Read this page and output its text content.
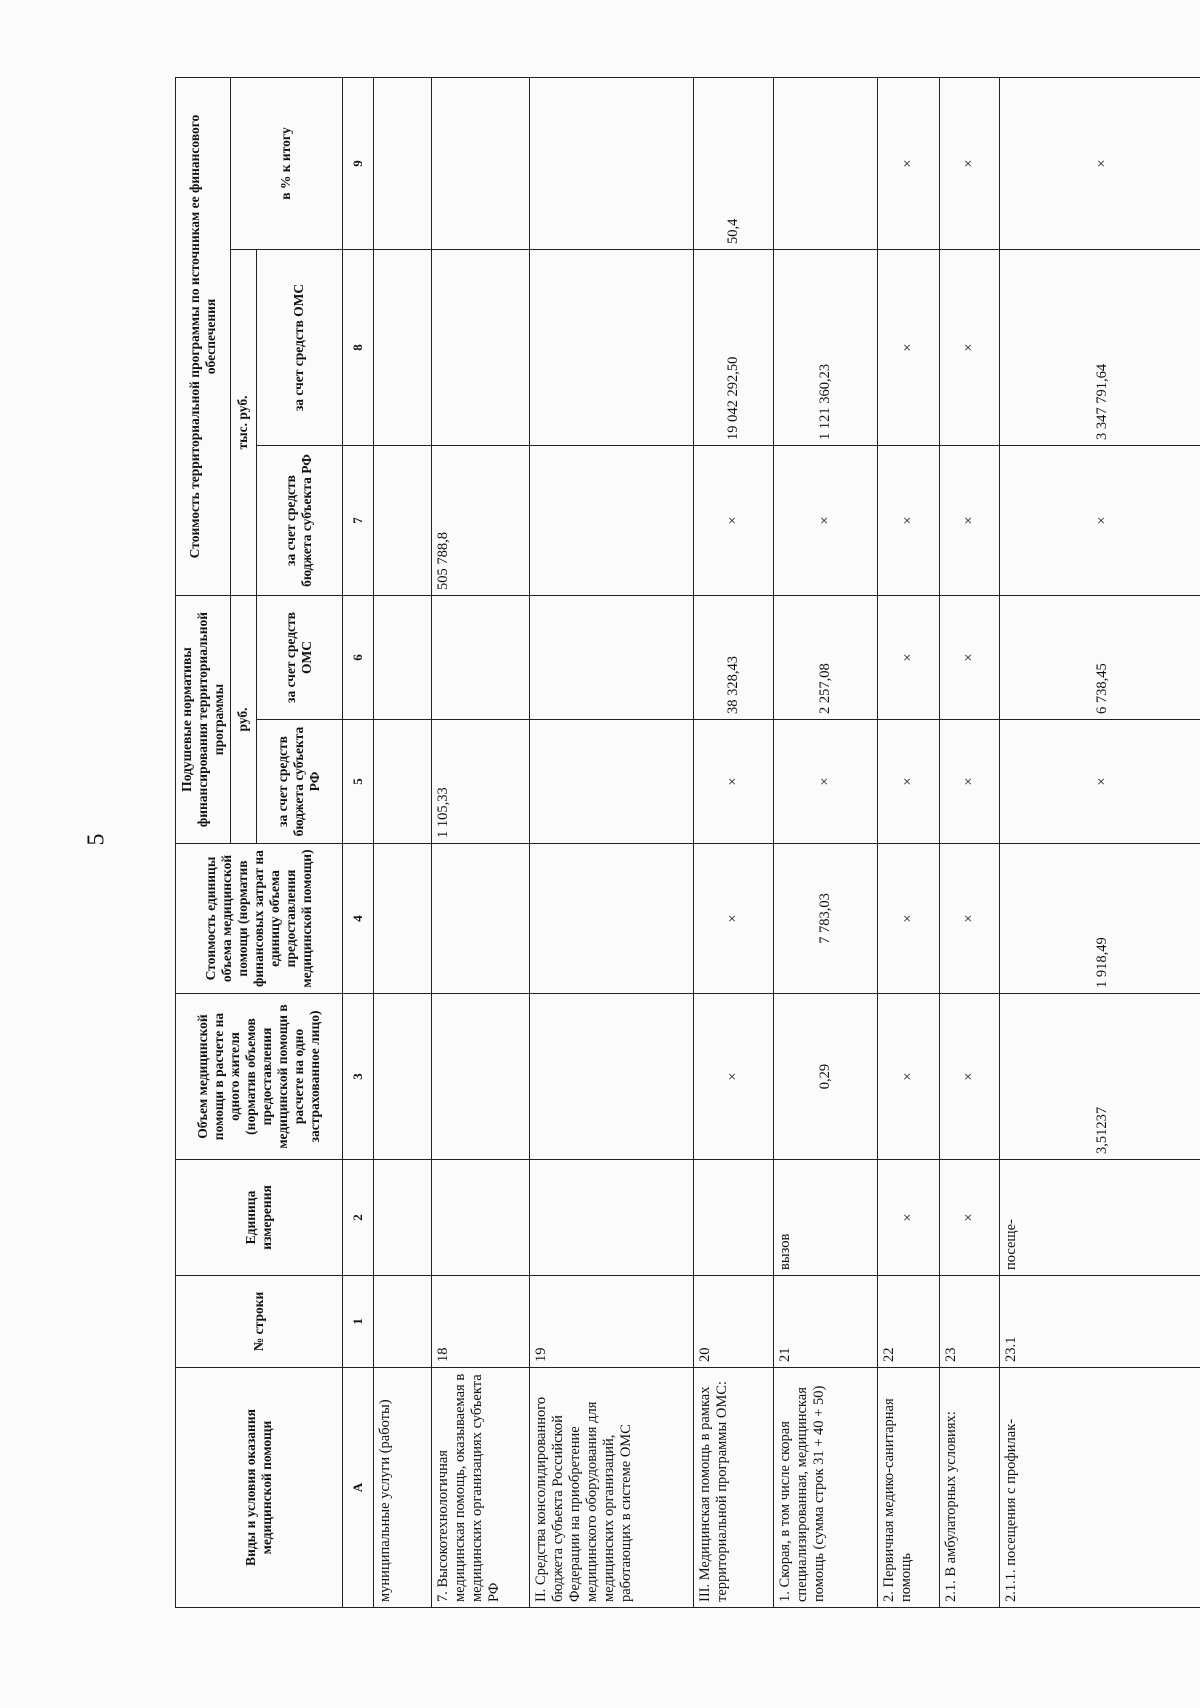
5
Виды и условия оказания медицинской помощи	№ строки	Единица измерения	Объем медицинской помощи в расчете на одного жителя (норматив объемов предоставления медицинской помощи в расчете на одно застрахованное лицо)	Стоимость единицы объема медицинской помощи (норматив финансовых затрат на единицу объема предоставления медицинской помощи)	Подушевые нормативы финансирования территориальной программы		Стоимость территориальной программы по источникам ее финансового обеспечения		
					руб.		тыс. руб.		в % к итогу
					за счет средств бюджета субъекта РФ	за счет средств ОМС	за счет средств бюджета субъекта РФ	за счет средств ОМС	
А	1	2	3	4	5	6	7	8	9
муниципальные услуги (работы)									
7. Высокотехнологичная медицинская помощь, оказываемая в медицинских организациях субъекта РФ	18				1 105,33		505 788,8		
II. Средства консолидированного бюджета субъекта Российской Федерации на приобретение медицинского оборудования для медицинских организаций, работающих в системе ОМС	19								
III. Медицинская помощь в рамках территориальной программы ОМС:	20		×	×	×	38 328,43	×	19 042 292,50	50,4
1. Скорая, в том числе скорая специализированная, медицинская помощь (сумма строк 31 + 40 + 50)	21	вызов	0,29	7 783,03	×	2 257,08	×	1 121 360,23	
2. Первичная медико-санитарная помощь	22	×	×	×	×	×	×	×	×
2.1. В амбулаторных условиях:	23	×	×	×	×	×	×	×	×
2.1.1. посещения с профилак-	23.1	посеще-	3,51237	1 918,49	×	6 738,45	×	3 347 791,64	×
